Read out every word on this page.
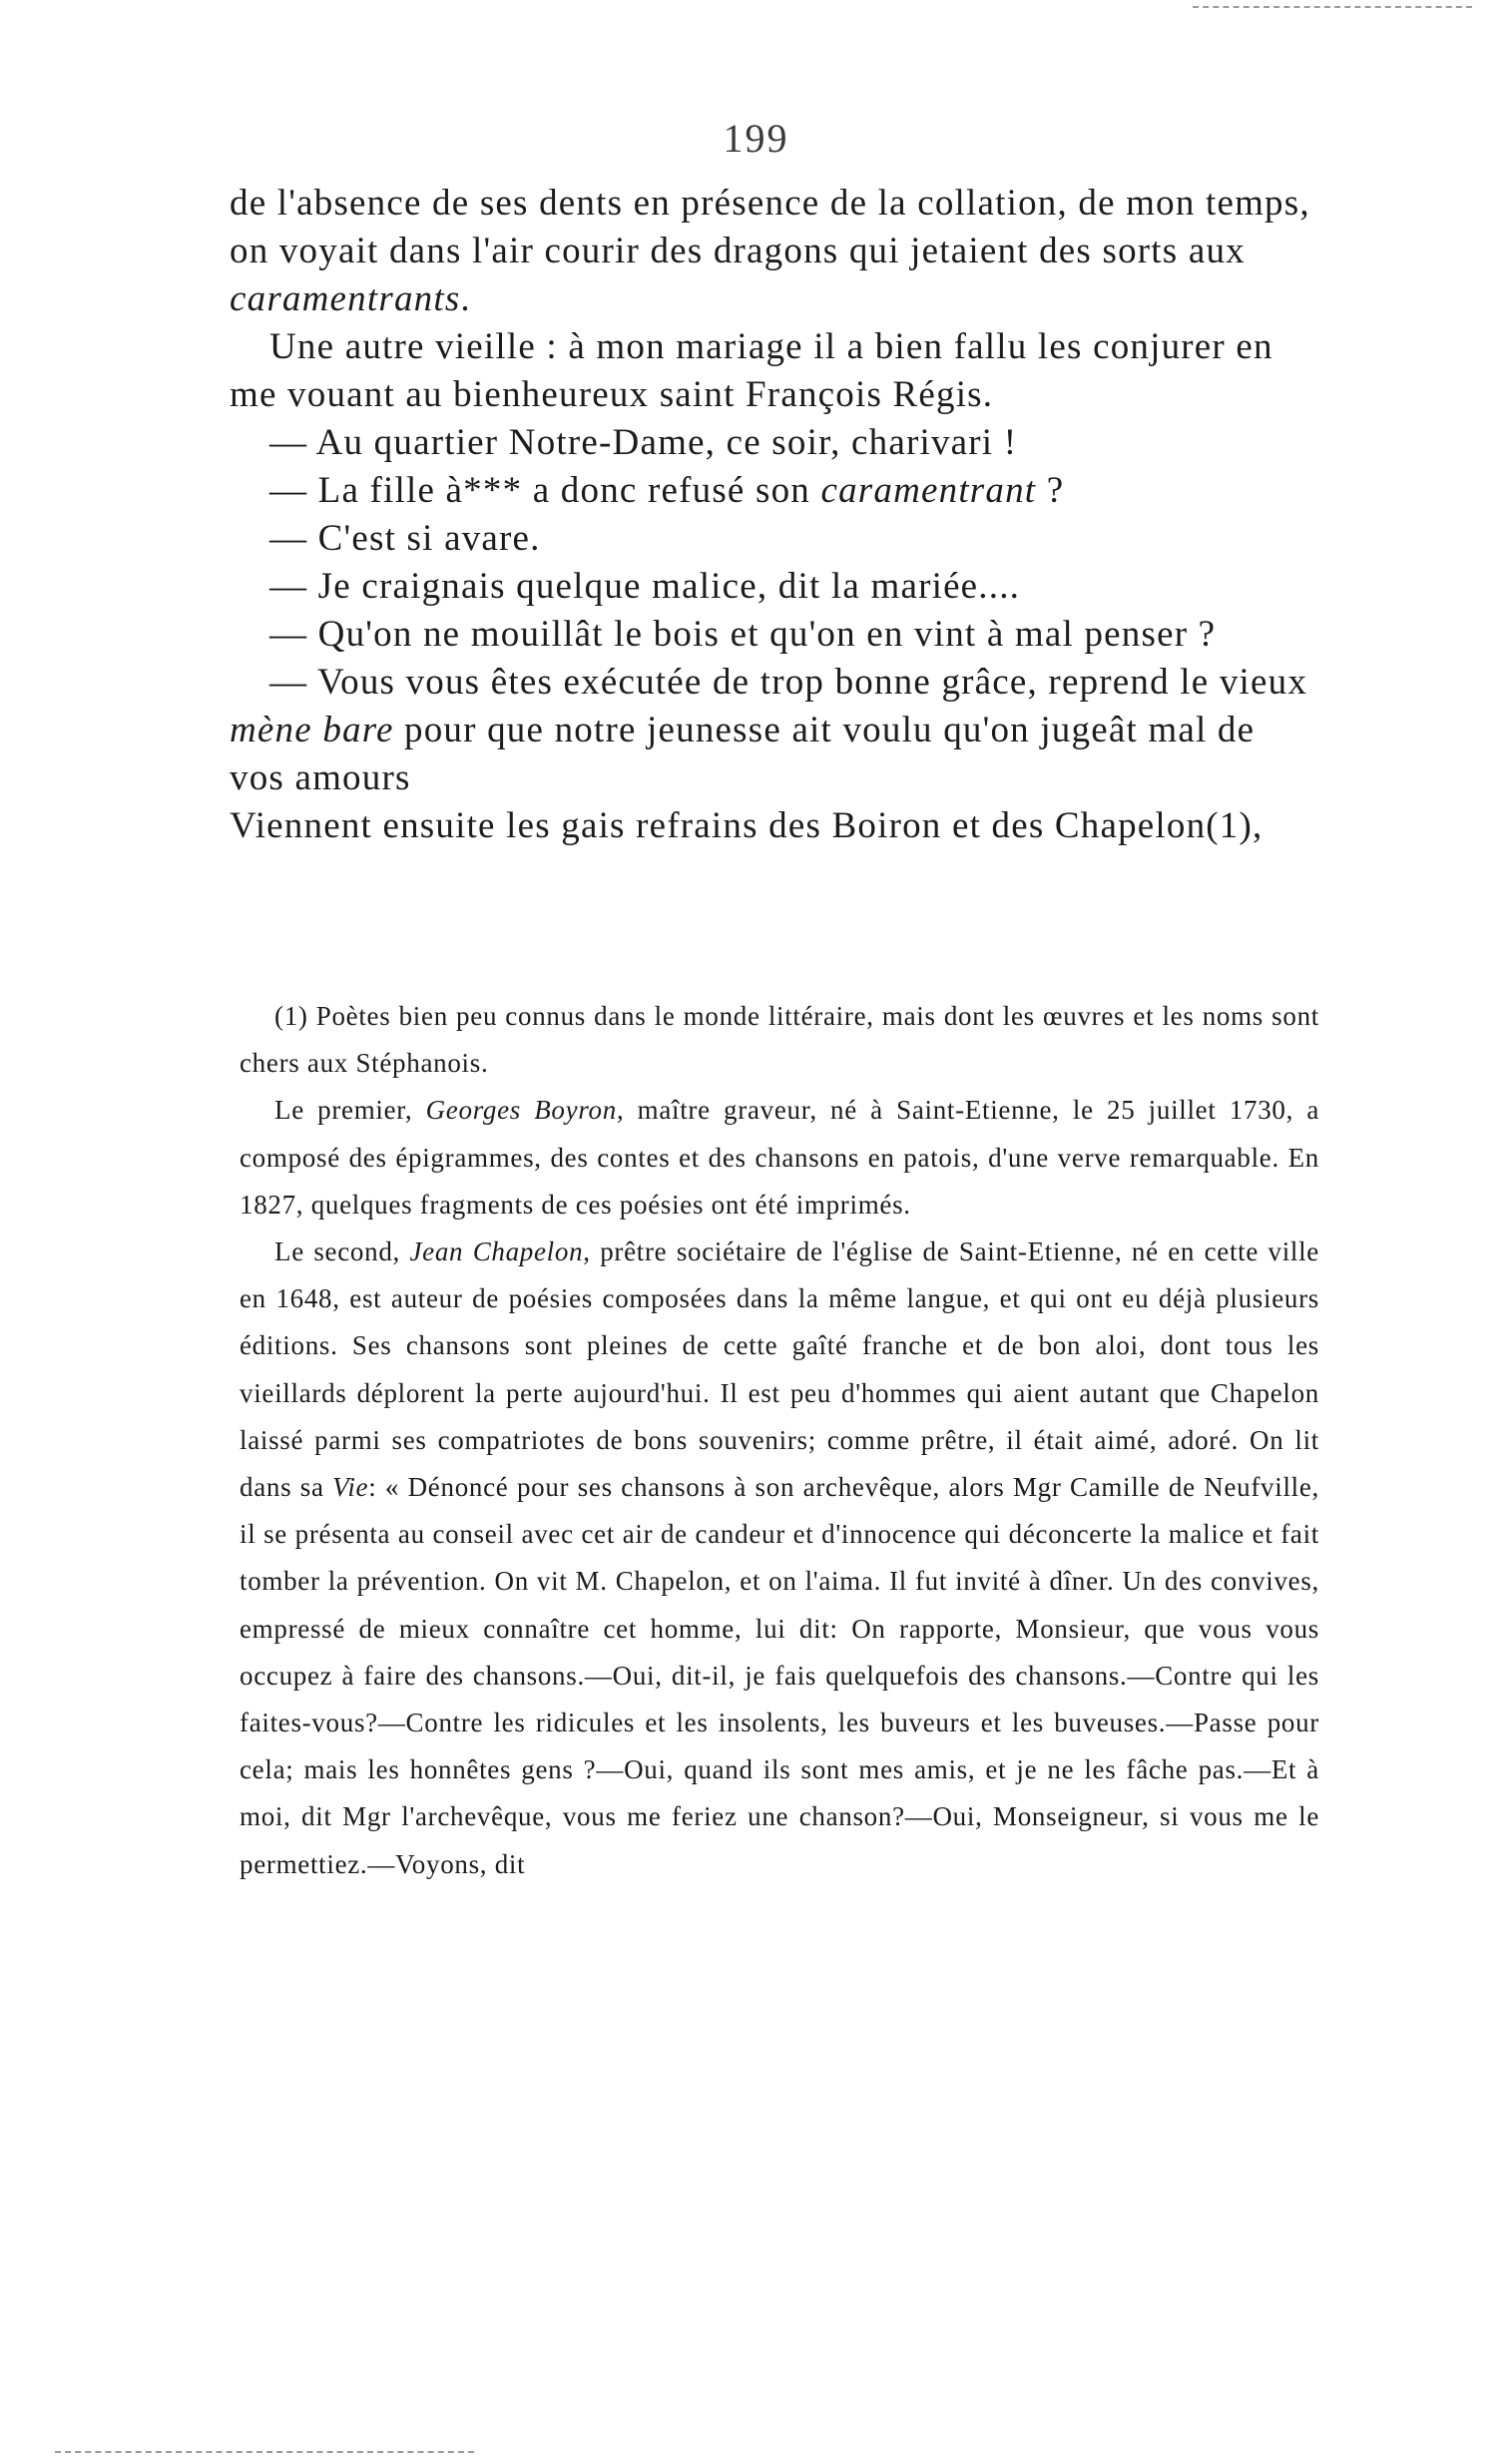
199

de l'absence de ses dents en présence de la collation, de mon temps, on voyait dans l'air courir des dragons qui jetaient des sorts aux caramentrants.

Une autre vieille : à mon mariage il a bien fallu les conjurer en me vouant au bienheureux saint François Régis.

— Au quartier Notre-Dame, ce soir, charivari !

— La fille à*** a donc refusé son caramentrant ?

— C'est si avare.

— Je craignais quelque malice, dit la mariée....

— Qu'on ne mouillât le bois et qu'on en vint à mal penser ?

— Vous vous êtes exécutée de trop bonne grâce, reprend le vieux mène bare pour que notre jeunesse ait voulu qu'on jugeât mal de vos amours

Viennent ensuite les gais refrains des Boiron et des Chapelon(1),

(1) Poètes bien peu connus dans le monde littéraire, mais dont les œuvres et les noms sont chers aux Stéphanois.

Le premier, Georges Boyron, maître graveur, né à Saint-Etienne, le 25 juillet 1730, a composé des épigrammes, des contes et des chansons en patois, d'une verve remarquable. En 1827, quelques fragments de ces poésies ont été imprimés.

Le second, Jean Chapelon, prêtre sociétaire de l'église de Saint-Etienne, né en cette ville en 1648, est auteur de poésies composées dans la même langue, et qui ont eu déjà plusieurs éditions. Ses chansons sont pleines de cette gaîté franche et de bon aloi, dont tous les vieillards déplorent la perte aujourd'hui. Il est peu d'hommes qui aient autant que Chapelon laissé parmi ses compatriotes de bons souvenirs; comme prêtre, il était aimé, adoré. On lit dans sa Vie: « Dénoncé pour ses chansons à son archevêque, alors Mgr Camille de Neufville, il se présenta au conseil avec cet air de candeur et d'innocence qui déconcerte la malice et fait tomber la prévention. On vit M. Chapelon, et on l'aima. Il fut invité à dîner. Un des convives, empressé de mieux connaître cet homme, lui dit: On rapporte, Monsieur, que vous vous occupez à faire des chansons.—Oui, dit-il, je fais quelquefois des chansons.—Contre qui les faites-vous?—Contre les ridicules et les insolents, les buveurs et les buveuses.—Passe pour cela; mais les honnêtes gens ?—Oui, quand ils sont mes amis, et je ne les fâche pas.—Et à moi, dit Mgr l'archevêque, vous me feriez une chanson?—Oui, Monseigneur, si vous me le permettiez.—Voyons, dit
